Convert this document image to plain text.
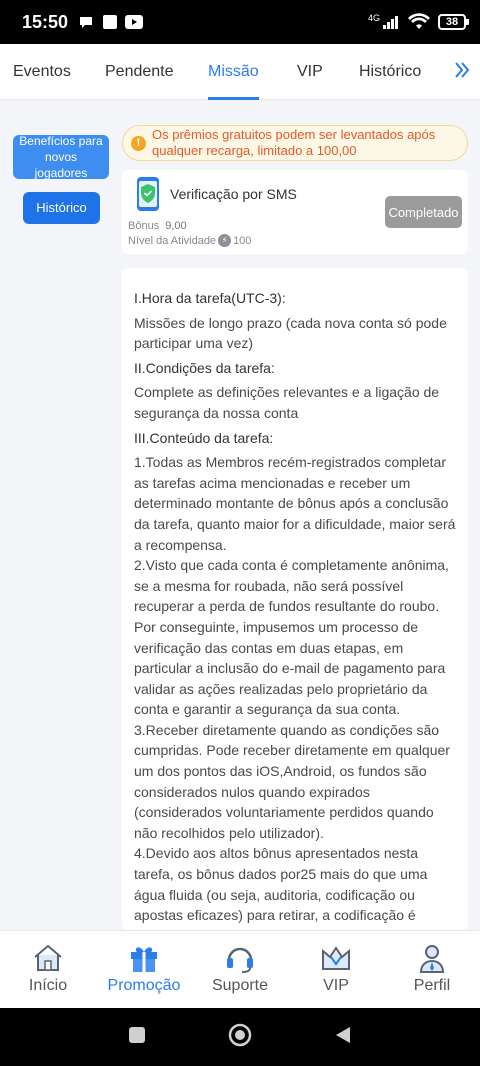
15:50	4G	38
Eventos Pendente Missão VIP Histórico
Benefícios para novos jogadores
Histórico
!
Os prêmios gratuitos podem ser levantados após qualquer recarga, limitado a 100,00
Verificação por SMS
Bônus 9,00
Nível da Atividade ⚡ 100
Completado

I.Hora da tarefa(UTC-3):

Missões de longo prazo (cada nova conta só pode participar uma vez)

II.Condições da tarefa:

Complete as definições relevantes e a ligação de segurança da nossa conta

III.Conteúdo da tarefa:

1.Todas as Membros recém-registrados completar as tarefas acima mencionadas e receber um determinado montante de bônus após a conclusão da tarefa, quanto maior for a dificuldade, maior será a recompensa.

2.Visto que cada conta é completamente anônima, se a mesma for roubada, não será possível recuperar a perda de fundos resultante do roubo. Por conseguinte, impusemos um processo de verificação das contas em duas etapas, em particular a inclusão do e-mail de pagamento para validar as ações realizadas pelo proprietário da conta e garantir a segurança da sua conta.

3.Receber diretamente quando as condições são cumpridas. Pode receber diretamente em qualquer um dos pontos das iOS,Android, os fundos são considerados nulos quando expirados (considerados voluntariamente perdidos quando não recolhidos pelo utilizador).

4.Devido aos altos bônus apresentados nesta tarefa, os bônus dados por25 mais do que uma água fluida (ou seja, auditoria, codificação ou apostas eficazes) para retirar, a codificação é

Início	Promoção Suporte	VIP	Perfil
